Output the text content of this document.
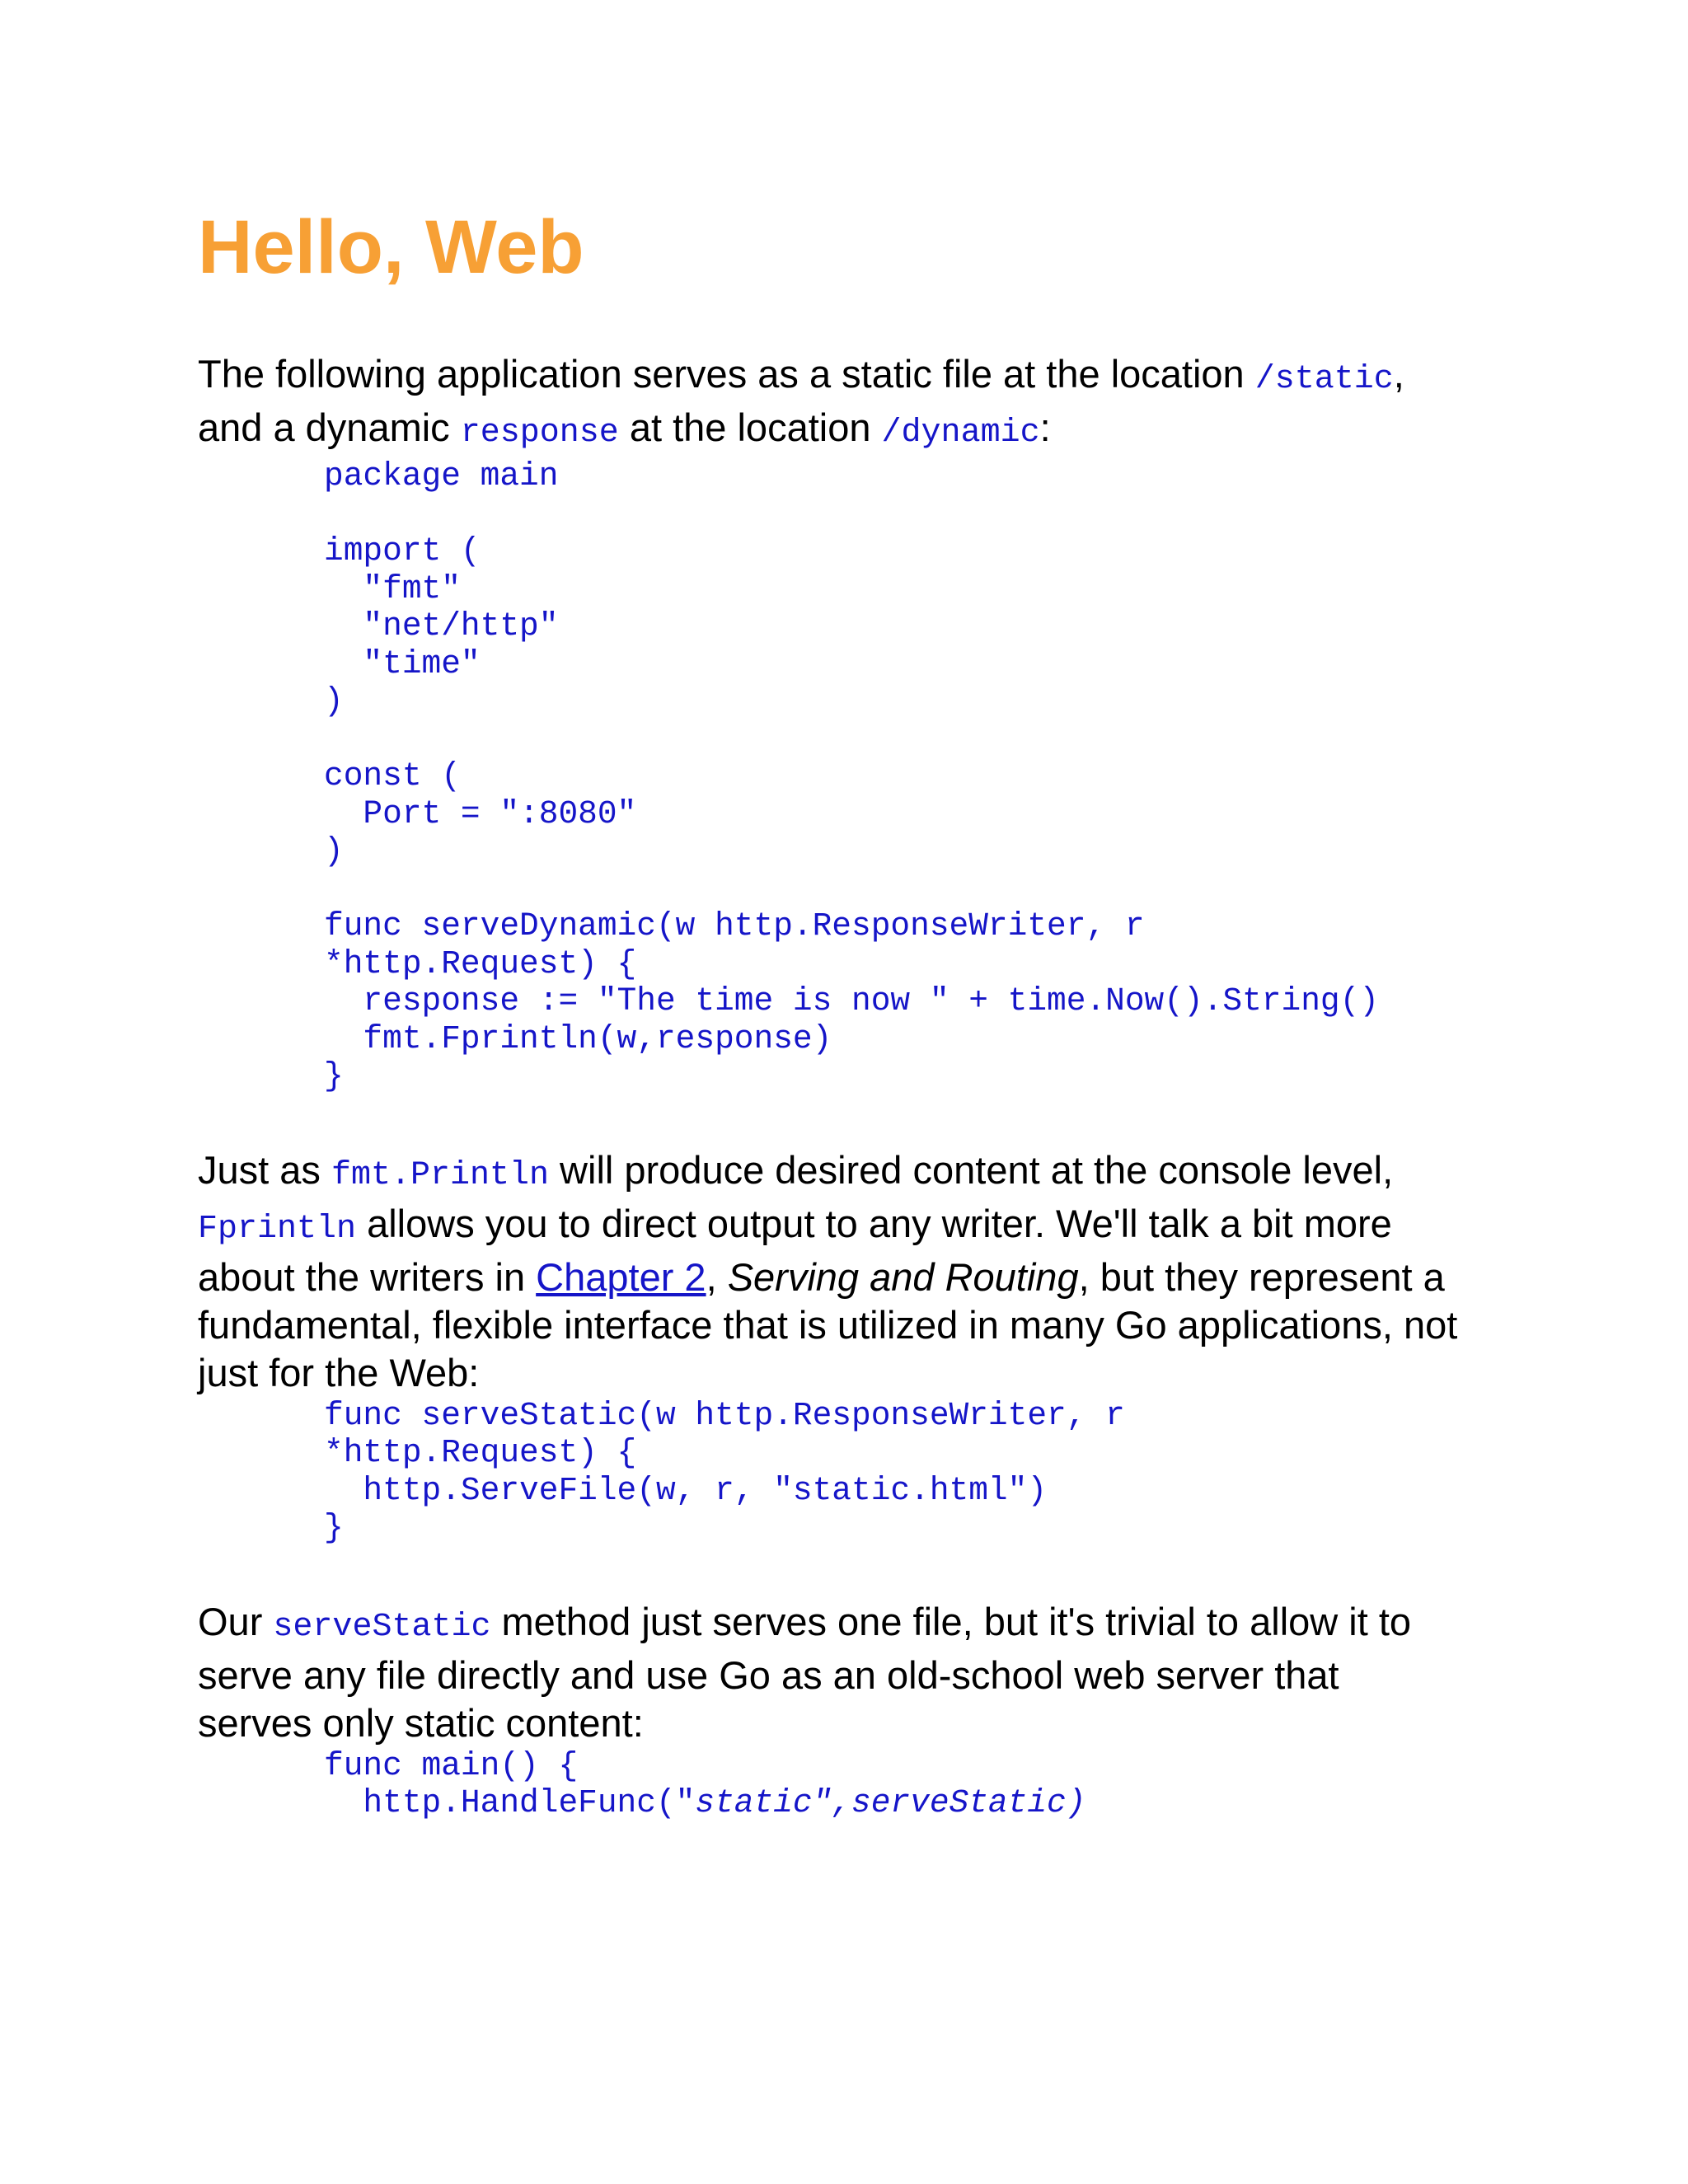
Hello, Web

The following application serves as a static file at the location /static,
and a dynamic response at the location /dynamic:

package main

import (
"fmt"
"net/http"
"time"
)

const (
Port = ":8080"
)

func serveDynamic(w http.ResponseWriter, r
*http.Request) {
response := "The time is now " + time.Now().String()
fmt.Fprintln(w,response)
}

Just as fmt.Println will produce desired content at the console level,
Fprintln allows you to direct output to any writer. We'll talk a bit more
about the writers in Chapter 2, Serving and Routing, but they represent a
fundamental, flexible interface that is utilized in many Go applications, not
just for the Web:

func serveStatic(w http.ResponseWriter, r
*http.Request) {
http.ServeFile(w, r, "static.html")
}

Our serveStatic method just serves one file, but it's trivial to allow it to
serve any file directly and use Go as an old-school web server that
serves only static content:

func main() {
http.HandleFunc("static",serveStatic)
